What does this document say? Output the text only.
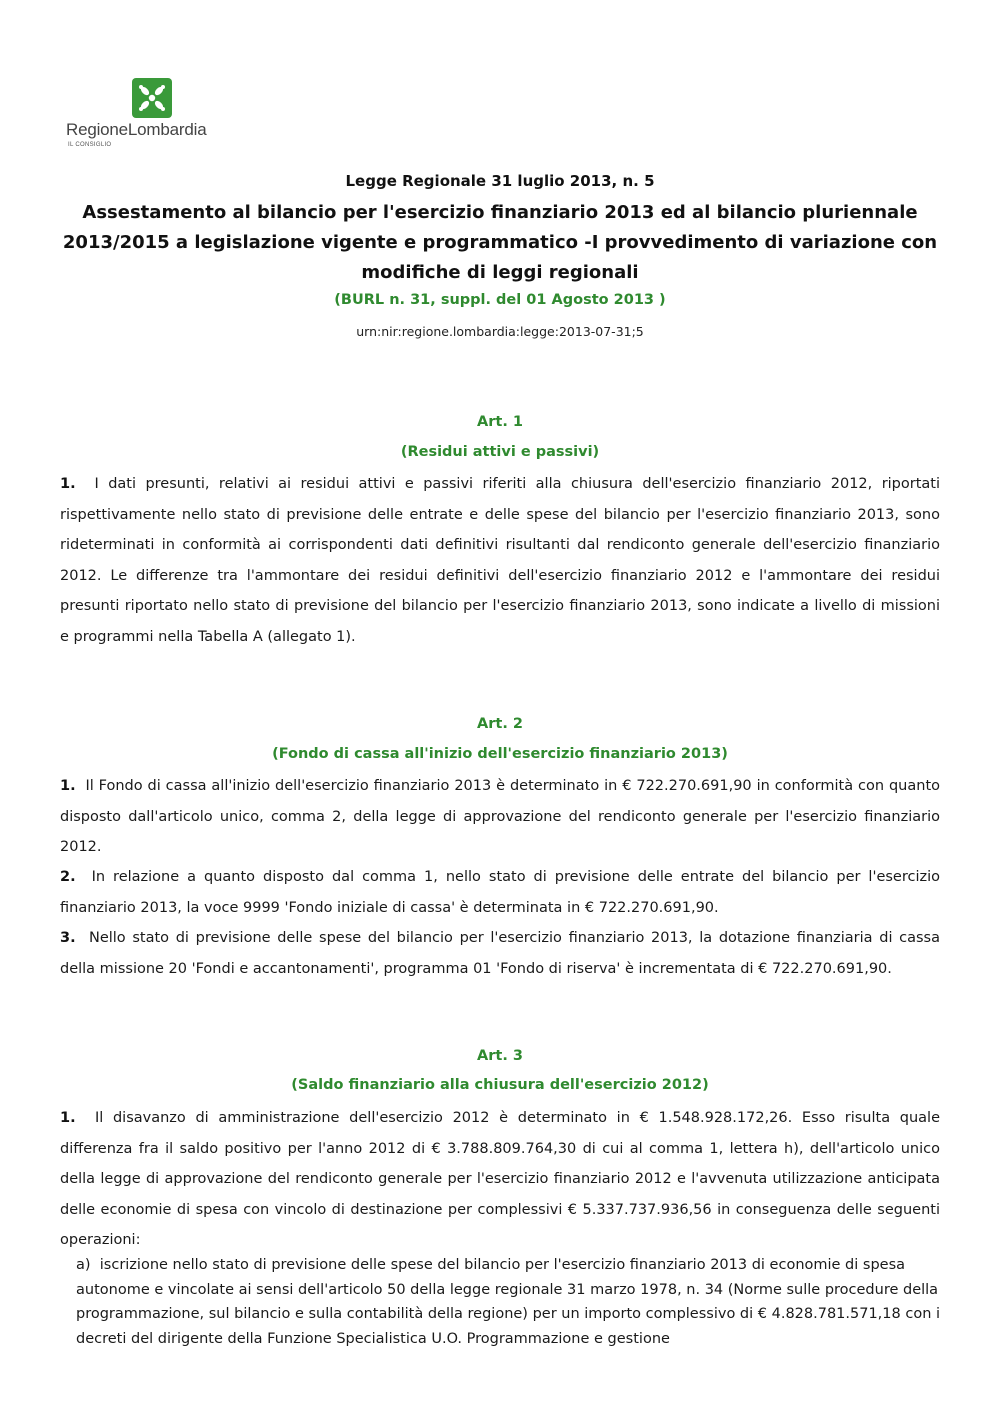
RegioneLombardia
IL CONSIGLIO

Legge Regionale 31 luglio 2013, n. 5

Assestamento al bilancio per l'esercizio finanziario 2013 ed al bilancio pluriennale 2013/2015 a legislazione vigente e programmatico -I provvedimento di variazione con modifiche di leggi regionali

(BURL n. 31, suppl. del 01 Agosto 2013 )

urn:nir:regione.lombardia:legge:2013-07-31;5

Art. 1

(Residui attivi e passivi)

1. I dati presunti, relativi ai residui attivi e passivi riferiti alla chiusura dell'esercizio finanziario 2012, riportati rispettivamente nello stato di previsione delle entrate e delle spese del bilancio per l'esercizio finanziario 2013, sono rideterminati in conformità ai corrispondenti dati definitivi risultanti dal rendiconto generale dell'esercizio finanziario 2012. Le differenze tra l'ammontare dei residui definitivi dell'esercizio finanziario 2012 e l'ammontare dei residui presunti riportato nello stato di previsione del bilancio per l'esercizio finanziario 2013, sono indicate a livello di missioni e programmi nella Tabella A (allegato 1).

Art. 2

(Fondo di cassa all'inizio dell'esercizio finanziario 2013)

1. Il Fondo di cassa all'inizio dell'esercizio finanziario 2013 è determinato in € 722.270.691,90 in conformità con quanto disposto dall'articolo unico, comma 2, della legge di approvazione del rendiconto generale per l'esercizio finanziario 2012.

2. In relazione a quanto disposto dal comma 1, nello stato di previsione delle entrate del bilancio per l'esercizio finanziario 2013, la voce 9999 'Fondo iniziale di cassa' è determinata in € 722.270.691,90.

3. Nello stato di previsione delle spese del bilancio per l'esercizio finanziario 2013, la dotazione finanziaria di cassa della missione 20 'Fondi e accantonamenti', programma 01 'Fondo di riserva' è incrementata di € 722.270.691,90.

Art. 3

(Saldo finanziario alla chiusura dell'esercizio 2012)

1. Il disavanzo di amministrazione dell'esercizio 2012 è determinato in € 1.548.928.172,26. Esso risulta quale differenza fra il saldo positivo per l'anno 2012 di € 3.788.809.764,30 di cui al comma 1, lettera h), dell'articolo unico della legge di approvazione del rendiconto generale per l'esercizio finanziario 2012 e l'avvenuta utilizzazione anticipata delle economie di spesa con vincolo di destinazione per complessivi € 5.337.737.936,56 in conseguenza delle seguenti operazioni:

a) iscrizione nello stato di previsione delle spese del bilancio per l'esercizio finanziario 2013 di economie di spesa autonome e vincolate ai sensi dell'articolo 50 della legge regionale 31 marzo 1978, n. 34 (Norme sulle procedure della programmazione, sul bilancio e sulla contabilità della regione) per un importo complessivo di € 4.828.781.571,18 con i decreti del dirigente della Funzione Specialistica U.O. Programmazione e gestione
